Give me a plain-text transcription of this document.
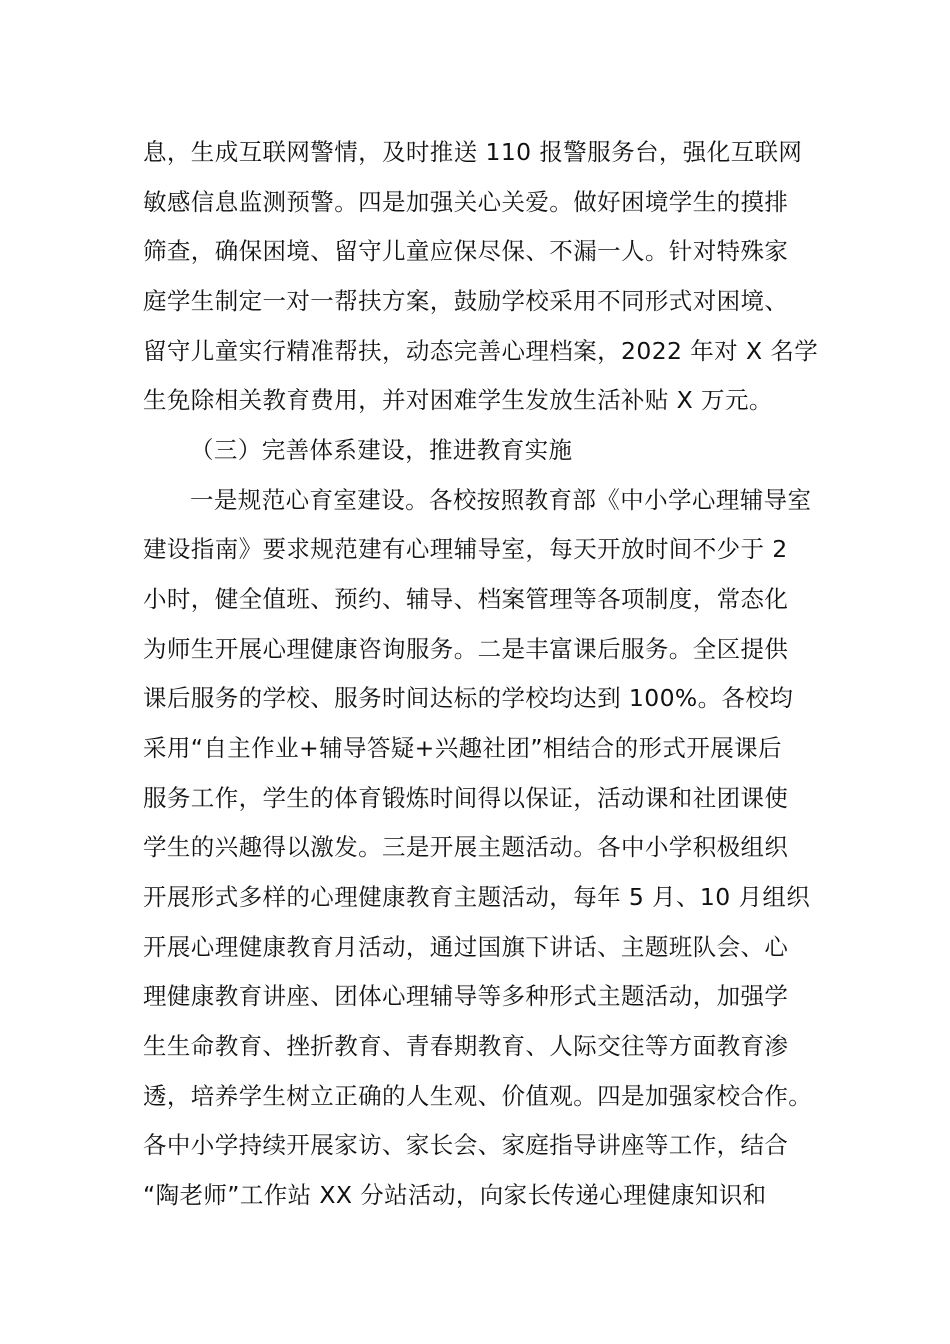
息，生成互联网警情，及时推送 110 报警服务台，强化互联网
敏感信息监测预警。四是加强关心关爱。做好困境学生的摸排
筛查，确保困境、留守儿童应保尽保、不漏一人。针对特殊家
庭学生制定一对一帮扶方案，鼓励学校采用不同形式对困境、
留守儿童实行精准帮扶，动态完善心理档案，2022 年对 X 名学
生免除相关教育费用，并对困难学生发放生活补贴 X 万元。
（三）完善体系建设，推进教育实施
一是规范心育室建设。各校按照教育部《中小学心理辅导室
建设指南》要求规范建有心理辅导室，每天开放时间不少于 2
小时，健全值班、预约、辅导、档案管理等各项制度，常态化
为师生开展心理健康咨询服务。二是丰富课后服务。全区提供
课后服务的学校、服务时间达标的学校均达到 100%。各校均
采用“自主作业+辅导答疑+兴趣社团”相结合的形式开展课后
服务工作，学生的体育锻炼时间得以保证，活动课和社团课使
学生的兴趣得以激发。三是开展主题活动。各中小学积极组织
开展形式多样的心理健康教育主题活动，每年 5 月、10 月组织
开展心理健康教育月活动，通过国旗下讲话、主题班队会、心
理健康教育讲座、团体心理辅导等多种形式主题活动，加强学
生生命教育、挫折教育、青春期教育、人际交往等方面教育渗
透，培养学生树立正确的人生观、价值观。四是加强家校合作。
各中小学持续开展家访、家长会、家庭指导讲座等工作，结合
“陶老师”工作站 XX 分站活动，向家长传递心理健康知识和
